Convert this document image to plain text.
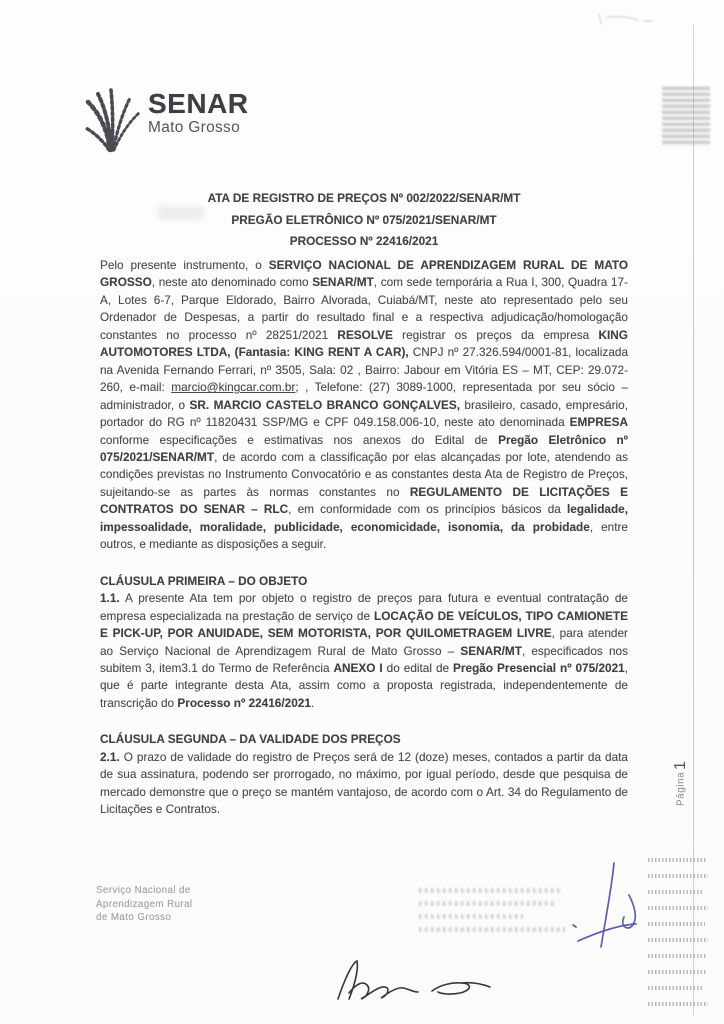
SENAR
Mato Grosso
ATA DE REGISTRO DE PREÇOS Nº 002/2022/SENAR/MT
PREGÃO ELETRÔNICO Nº 075/2021/SENAR/MT
PROCESSO Nº 22416/2021

Pelo presente instrumento, o SERVIÇO NACIONAL DE APRENDIZAGEM RURAL DE MATO GROSSO, neste ato denominado como SENAR/MT, com sede temporária a Rua I, 300, Quadra 17-A, Lotes 6-7, Parque Eldorado, Bairro Alvorada, Cuiabá/MT, neste ato representado pelo seu Ordenador de Despesas, a partir do resultado final e a respectiva adjudicação/homologação constantes no processo nº 28251/2021 RESOLVE registrar os preços da empresa KING AUTOMOTORES LTDA, (Fantasia: KING RENT A CAR), CNPJ nº 27.326.594/0001-81, localizada na Avenida Fernando Ferrari, nº 3505, Sala: 02 , Bairro: Jabour em Vitória ES – MT, CEP: 29.072-260, e-mail: marcio@kingcar.com.br; , Telefone: (27) 3089-1000, representada por seu sócio –administrador, o SR. MARCIO CASTELO BRANCO GONÇALVES, brasileiro, casado, empresário, portador do RG nº 11820431 SSP/MG e CPF 049.158.006-10, neste ato denominada EMPRESA conforme especificações e estimativas nos anexos do Edital de Pregão Eletrônico nº 075/2021/SENAR/MT, de acordo com a classificação por elas alcançadas por lote, atendendo as condições previstas no Instrumento Convocatório e as constantes desta Ata de Registro de Preços, sujeitando-se as partes às normas constantes no REGULAMENTO DE LICITAÇÕES E CONTRATOS DO SENAR – RLC, em conformidade com os princípios básicos da legalidade, impessoalidade, moralidade, publicidade, economicidade, isonomia, da probidade, entre outros, e mediante as disposições a seguir.

CLÁUSULA PRIMEIRA – DO OBJETO

1.1. A presente Ata tem por objeto o registro de preços para futura e eventual contratação de empresa especializada na prestação de serviço de LOCAÇÃO DE VEÍCULOS, TIPO CAMIONETE E PICK-UP, POR ANUIDADE, SEM MOTORISTA, POR QUILOMETRAGEM LIVRE, para atender ao Serviço Nacional de Aprendizagem Rural de Mato Grosso – SENAR/MT, especificados nos subitem 3, item3.1 do Termo de Referência ANEXO I do edital de Pregão Presencial nº 075/2021, que é parte integrante desta Ata, assim como a proposta registrada, independentemente de transcrição do Processo nº 22416/2021.

CLÁUSULA SEGUNDA – DA VALIDADE DOS PREÇOS

2.1. O prazo de validade do registro de Preços será de 12 (doze) meses, contados a partir da data de sua assinatura, podendo ser prorrogado, no máximo, por igual período, desde que pesquisa de mercado demonstre que o preço se mantém vantajoso, de acordo com o Art. 34 do Regulamento de Licitações e Contratos.

Página
1
Serviço Nacional de
Aprendizagem Rural
de Mato Grosso
